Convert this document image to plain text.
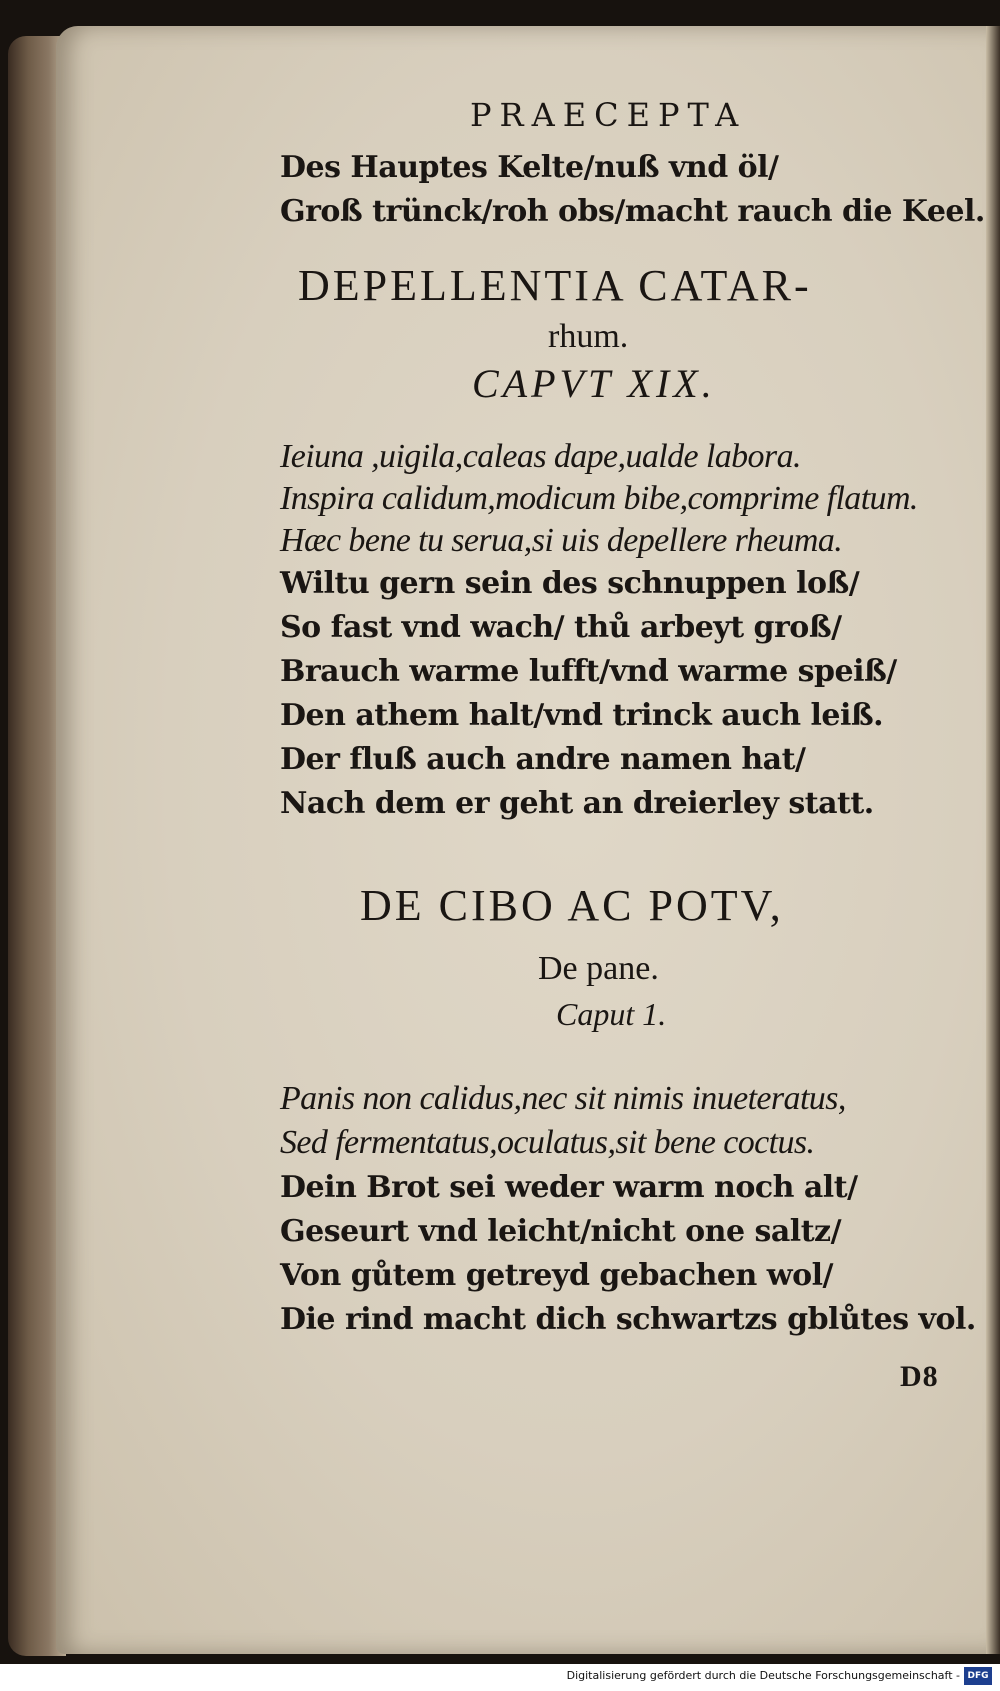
PRAECEPTA
Des Hauptes Kelte/nuß vnd öl/
Groß trünck/roh obs/macht rauch die Keel.
DEPELLENTIA CATAR-
rhum.
CAPVT XIX.
Ieiuna ,uigila,caleas dape,ualde labora.
Inspira calidum,modicum bibe,comprime flatum.
Hæc bene tu serua,si uis depellere rheuma.
Wiltu gern sein des schnuppen loß/
So fast vnd wach/ thů arbeyt groß/
Brauch warme lufft/vnd warme speiß/
Den athem halt/vnd trinck auch leiß.
Der fluß auch andre namen hat/
Nach dem er geht an dreierley statt.
DE CIBO AC POTV,
De pane.
Caput 1.
Panis non calidus,nec sit nimis inueteratus,
Sed fermentatus,oculatus,sit bene coctus.
Dein Brot sei weder warm noch alt/
Geseurt vnd leicht/nicht one saltz/
Von gůtem getreyd gebachen wol/
Die rind macht dich schwartzs gblůtes vol.
D8
Digitalisierung gefördert durch die Deutsche Forschungsgemeinschaft - DFG
